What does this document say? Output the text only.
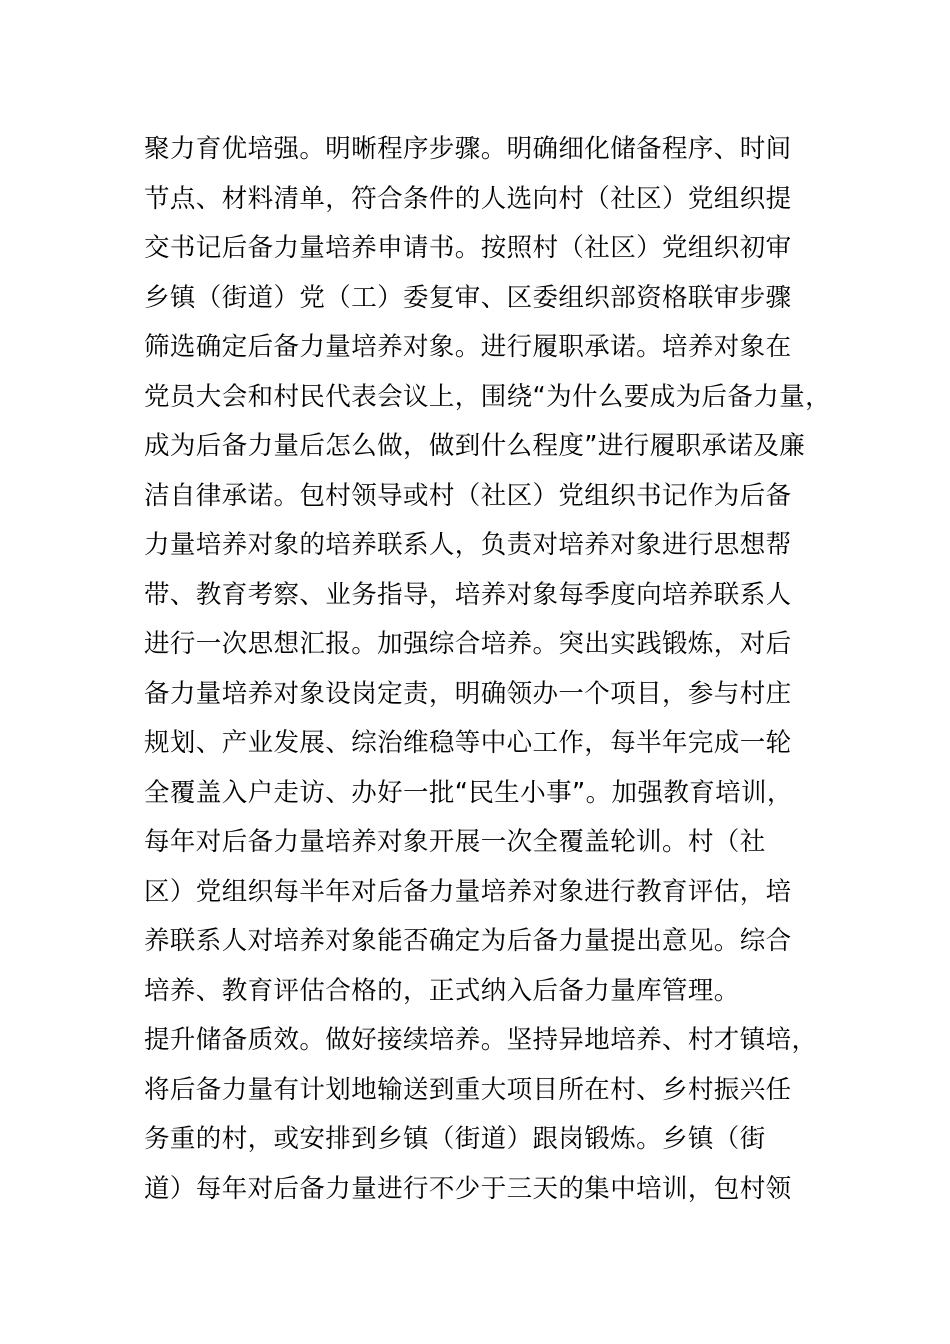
聚力育优培强。明晰程序步骤。明确细化储备程序、时间
节点、材料清单，符合条件的人选向村（社区）党组织提
交书记后备力量培养申请书。按照村（社区）党组织初审
乡镇（街道）党（工）委复审、区委组织部资格联审步骤
筛选确定后备力量培养对象。进行履职承诺。培养对象在
党员大会和村民代表会议上，围绕“为什么要成为后备力量，
成为后备力量后怎么做，做到什么程度”进行履职承诺及廉
洁自律承诺。包村领导或村（社区）党组织书记作为后备
力量培养对象的培养联系人，负责对培养对象进行思想帮
带、教育考察、业务指导，培养对象每季度向培养联系人
进行一次思想汇报。加强综合培养。突出实践锻炼，对后
备力量培养对象设岗定责，明确领办一个项目，参与村庄
规划、产业发展、综治维稳等中心工作，每半年完成一轮
全覆盖入户走访、办好一批“民生小事”。加强教育培训，
每年对后备力量培养对象开展一次全覆盖轮训。村（社
区）党组织每半年对后备力量培养对象进行教育评估，培
养联系人对培养对象能否确定为后备力量提出意见。综合
培养、教育评估合格的，正式纳入后备力量库管理。
提升储备质效。做好接续培养。坚持异地培养、村才镇培，
将后备力量有计划地输送到重大项目所在村、乡村振兴任
务重的村，或安排到乡镇（街道）跟岗锻炼。乡镇（街
道）每年对后备力量进行不少于三天的集中培训，包村领
